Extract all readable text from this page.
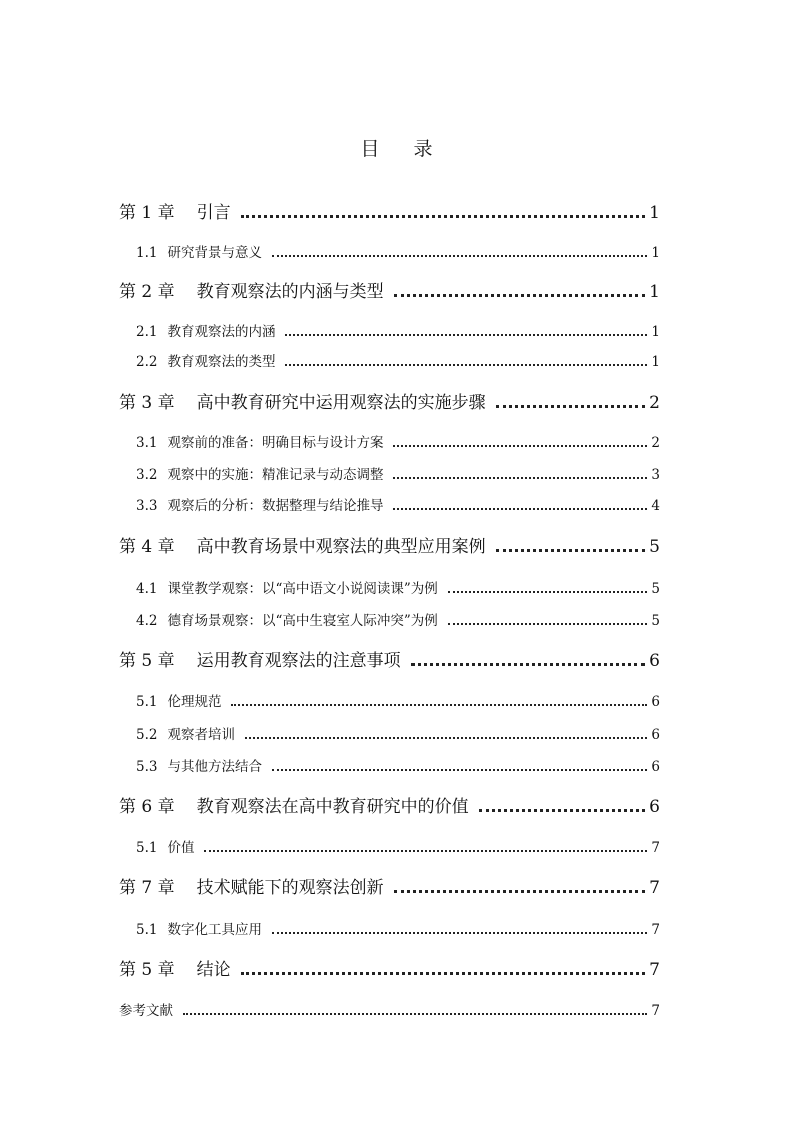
目 录
第 1 章 引言	1
1.1 研究背景与意义	1
第 2 章 教育观察法的内涵与类型	1
2.1 教育观察法的内涵	1
2.2 教育观察法的类型	1
第 3 章 高中教育研究中运用观察法的实施步骤	2
3.1 观察前的准备：明确目标与设计方案	2
3.2 观察中的实施：精准记录与动态调整	3
3.3 观察后的分析：数据整理与结论推导	4
第 4 章 高中教育场景中观察法的典型应用案例	5
4.1 课堂教学观察：以“高中语文小说阅读课”为例	5
4.2 德育场景观察：以“高中生寝室人际冲突”为例	5
第 5 章 运用教育观察法的注意事项	6
5.1 伦理规范	6
5.2 观察者培训	6
5.3 与其他方法结合	6
第 6 章 教育观察法在高中教育研究中的价值	6
5.1 价值	7
第 7 章 技术赋能下的观察法创新	7
5.1 数字化工具应用	7
第 5 章 结论	7
参考文献	7
